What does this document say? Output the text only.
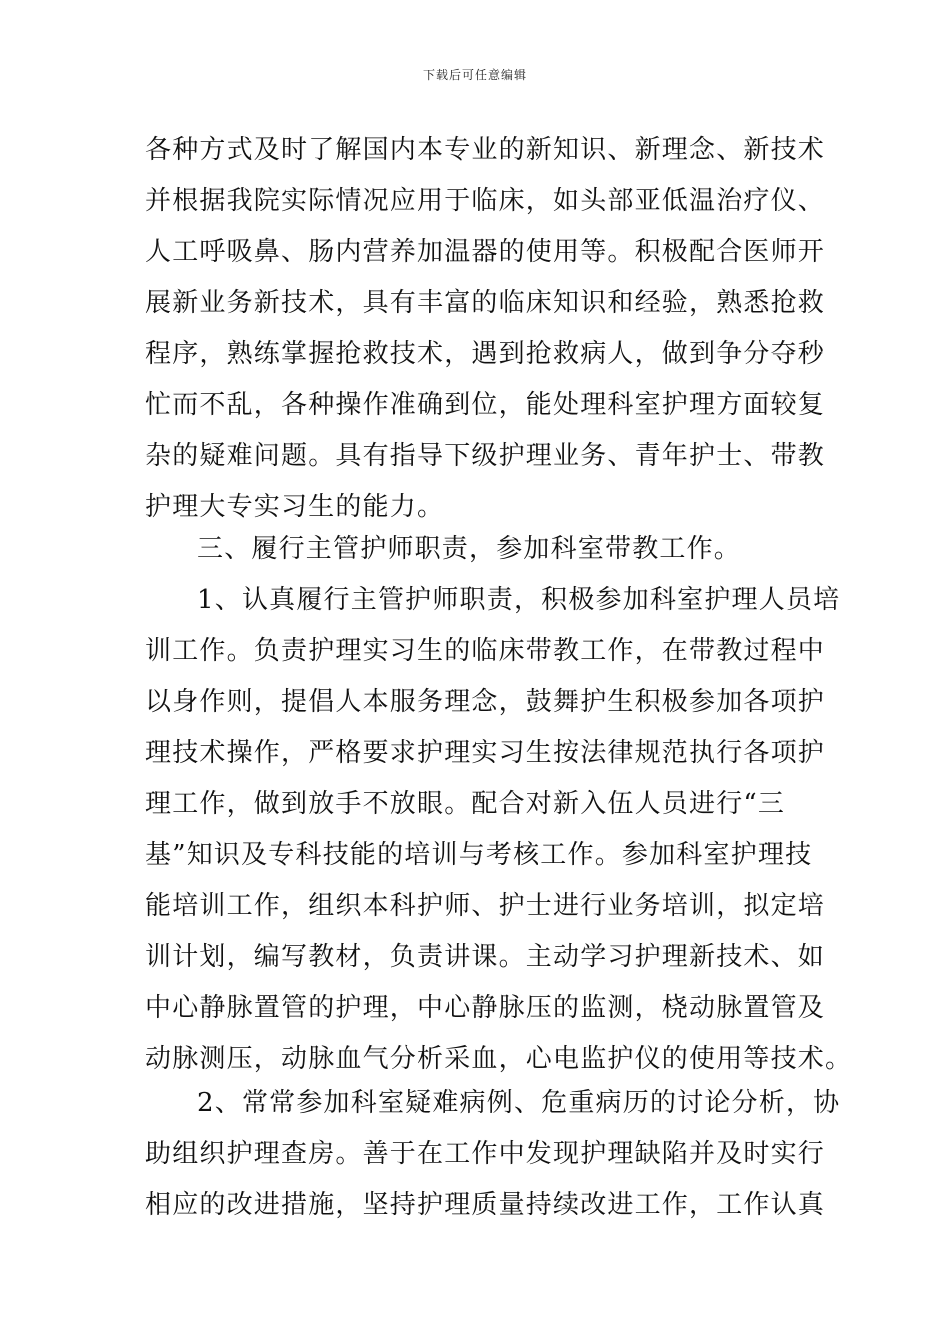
下载后可任意编辑
各种方式及时了解国内本专业的新知识、新理念、新技术
并根据我院实际情况应用于临床，如头部亚低温治疗仪、
人工呼吸鼻、肠内营养加温器的使用等。积极配合医师开
展新业务新技术，具有丰富的临床知识和经验，熟悉抢救
程序，熟练掌握抢救技术，遇到抢救病人，做到争分夺秒
忙而不乱，各种操作准确到位，能处理科室护理方面较复
杂的疑难问题。具有指导下级护理业务、青年护士、带教
护理大专实习生的能力。
三、履行主管护师职责，参加科室带教工作。
1、认真履行主管护师职责，积极参加科室护理人员培
训工作。负责护理实习生的临床带教工作，在带教过程中
以身作则，提倡人本服务理念，鼓舞护生积极参加各项护
理技术操作，严格要求护理实习生按法律规范执行各项护
理工作，做到放手不放眼。配合对新入伍人员进行“三
基”知识及专科技能的培训与考核工作。参加科室护理技
能培训工作，组织本科护师、护士进行业务培训，拟定培
训计划，编写教材，负责讲课。主动学习护理新技术、如
中心静脉置管的护理，中心静脉压的监测，桡动脉置管及
动脉测压，动脉血气分析采血，心电监护仪的使用等技术。
2、常常参加科室疑难病例、危重病历的讨论分析，协
助组织护理查房。善于在工作中发现护理缺陷并及时实行
相应的改进措施，坚持护理质量持续改进工作，工作认真
